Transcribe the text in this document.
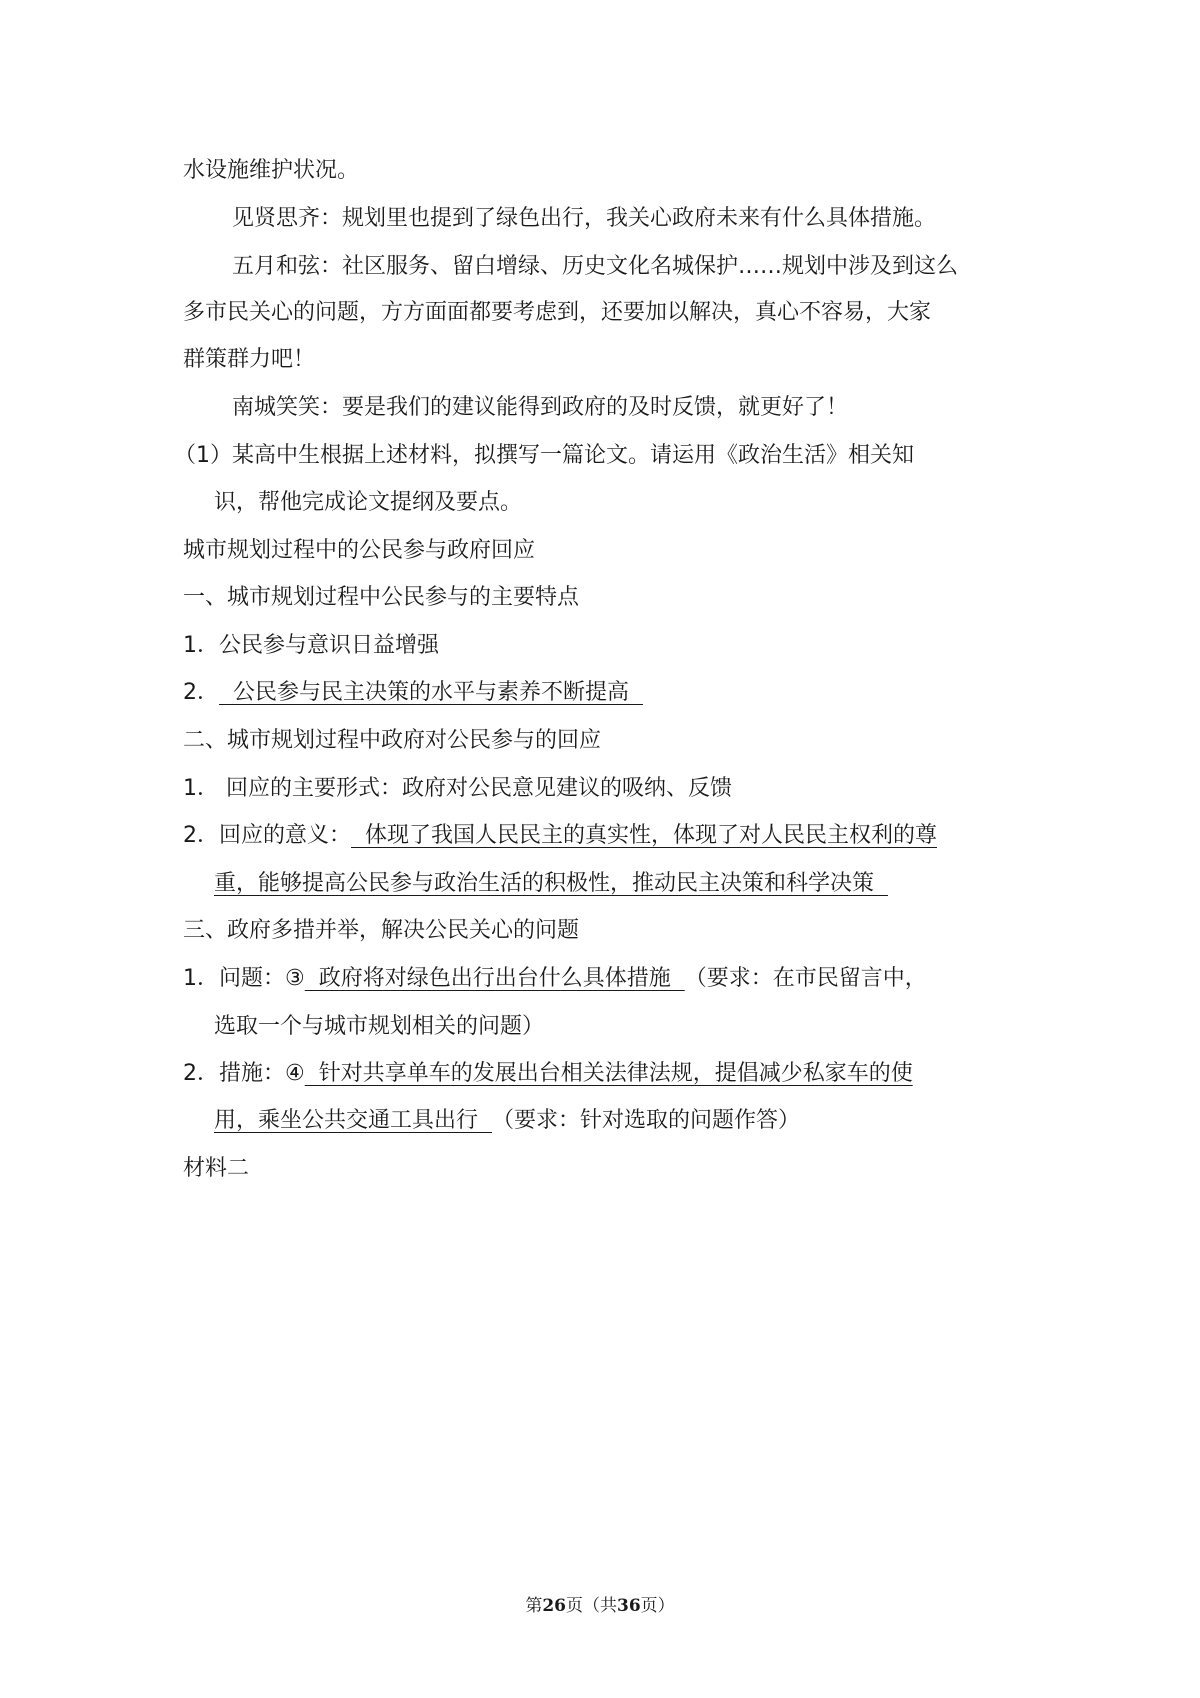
水设施维护状况。
见贤思齐：规划里也提到了绿色出行，我关心政府未来有什么具体措施。
五月和弦：社区服务、留白增绿、历史文化名城保护……规划中涉及到这么
多市民关心的问题，方方面面都要考虑到，还要加以解决，真心不容易，大家
群策群力吧！
南城笑笑：要是我们的建议能得到政府的及时反馈，就更好了！
（1）某高中生根据上述材料，拟撰写一篇论文。请运用《政治生活》相关知
识，帮他完成论文提纲及要点。
城市规划过程中的公民参与政府回应
一、城市规划过程中公民参与的主要特点
1．公民参与意识日益增强
2．  公民参与民主决策的水平与素养不断提高
二、城市规划过程中政府对公民参与的回应
1． 回应的主要形式：政府对公民意见建议的吸纳、反馈
2．回应的意义：  体现了我国人民民主的真实性，体现了对人民民主权利的尊
重，能够提高公民参与政治生活的积极性，推动民主决策和科学决策
三、政府多措并举，解决公民关心的问题
1．问题：③  政府将对绿色出行出台什么具体措施  （要求：在市民留言中，
选取一个与城市规划相关的问题）
2．措施：④  针对共享单车的发展出台相关法律法规，提倡减少私家车的使
用，乘坐公共交通工具出行  （要求：针对选取的问题作答）
材料二
第26页（共36页）
